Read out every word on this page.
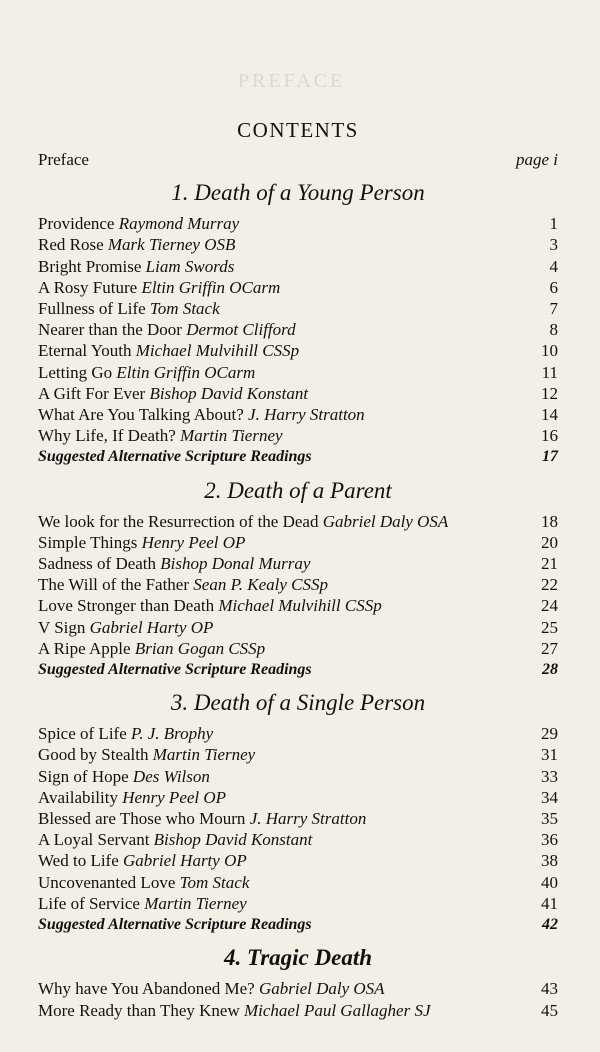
PREFACE
CONTENTS
Preface	page i
1. Death of a Young Person
Providence Raymond Murray	1
Red Rose Mark Tierney OSB	3
Bright Promise Liam Swords	4
A Rosy Future Eltin Griffin OCarm	6
Fullness of Life Tom Stack	7
Nearer than the Door Dermot Clifford	8
Eternal Youth Michael Mulvihill CSSp	10
Letting Go Eltin Griffin OCarm	11
A Gift For Ever Bishop David Konstant	12
What Are You Talking About? J. Harry Stratton	14
Why Life, If Death? Martin Tierney	16
Suggested Alternative Scripture Readings	17
2. Death of a Parent
We look for the Resurrection of the Dead Gabriel Daly OSA	18
Simple Things Henry Peel OP	20
Sadness of Death Bishop Donal Murray	21
The Will of the Father Sean P. Kealy CSSp	22
Love Stronger than Death Michael Mulvihill CSSp	24
V Sign Gabriel Harty OP	25
A Ripe Apple Brian Gogan CSSp	27
Suggested Alternative Scripture Readings	28
3. Death of a Single Person
Spice of Life P. J. Brophy	29
Good by Stealth Martin Tierney	31
Sign of Hope Des Wilson	33
Availability Henry Peel OP	34
Blessed are Those who Mourn J. Harry Stratton	35
A Loyal Servant Bishop David Konstant	36
Wed to Life Gabriel Harty OP	38
Uncovenanted Love Tom Stack	40
Life of Service Martin Tierney	41
Suggested Alternative Scripture Readings	42
4. Tragic Death
Why have You Abandoned Me? Gabriel Daly OSA	43
More Ready than They Knew Michael Paul Gallagher SJ	45
